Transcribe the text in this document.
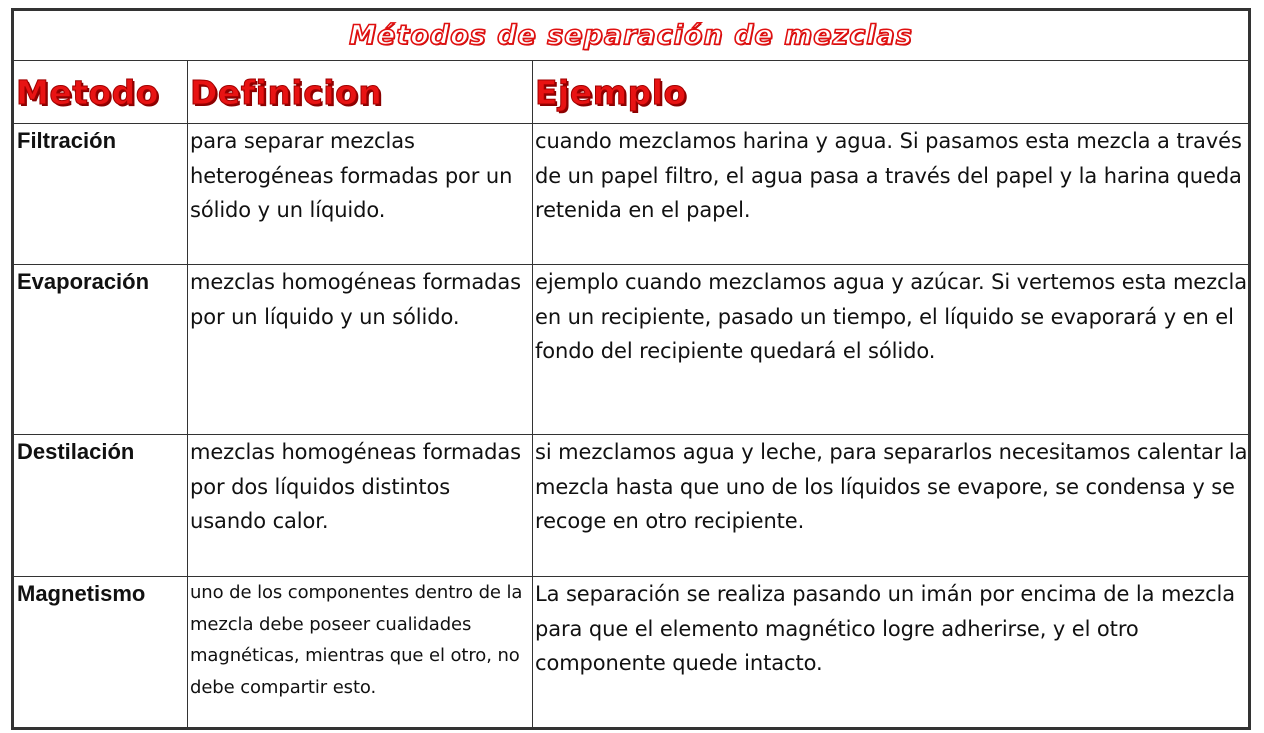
Métodos de separación de mezclas		

Metodo	Definicion	Ejemplo

Filtración	para separar mezclas heterogéneas formadas por un sólido y un líquido.	cuando mezclamos harina y agua. Si pasamos esta mezcla a través de un papel filtro, el agua pasa a través del papel y la harina queda retenida en el papel.

Evaporación	mezclas homogéneas formadas por un líquido y un sólido.	ejemplo cuando mezclamos agua y azúcar. Si vertemos esta mezcla en un recipiente, pasado un tiempo, el líquido se evaporará y en el fondo del recipiente quedará el sólido.

Destilación	mezclas homogéneas formadas por dos líquidos distintos usando calor.	si mezclamos agua y leche, para separarlos necesitamos calentar la mezcla hasta que uno de los líquidos se evapore, se condensa y se recoge en otro recipiente.

Magnetismo	uno de los componentes dentro de la mezcla debe poseer cualidades magnéticas, mientras que el otro, no debe compartir esto.	La separación se realiza pasando un imán por encima de la mezcla para que el elemento magnético logre adherirse, y el otro componente quede intacto.
